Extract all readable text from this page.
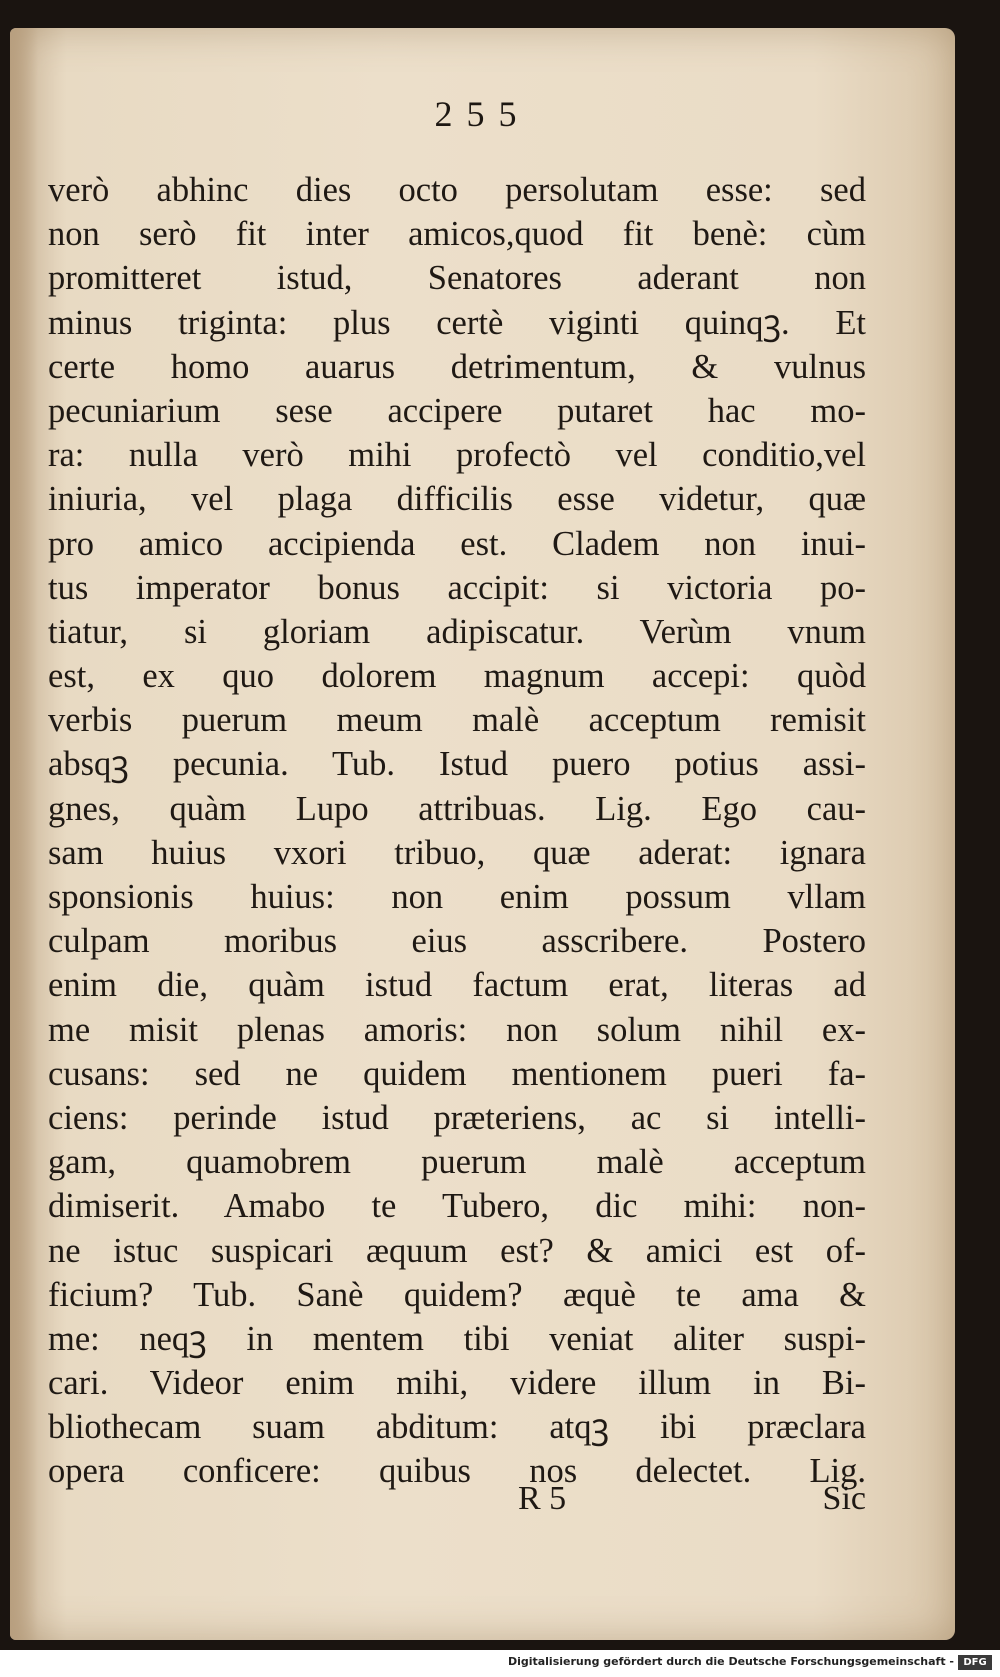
255
verò abhinc dies octo persolutam esse: sed
non serò fit inter amicos,quod fit benè: cùm
promitteret istud, Senatores aderant non
minus triginta: plus certè viginti quinqꝫ. Et
certe homo auarus detrimentum, & vulnus
pecuniarium sese accipere putaret hac mo-
ra: nulla verò mihi profectò vel conditio,vel
iniuria, vel plaga difficilis esse videtur, quæ
pro amico accipienda est. Cladem non inui-
tus imperator bonus accipit: si victoria po-
tiatur, si gloriam adipiscatur. Verùm vnum
est, ex quo dolorem magnum accepi: quòd
verbis puerum meum malè acceptum remisit
absqꝫ pecunia. Tub. Istud puero potius assi-
gnes, quàm Lupo attribuas. Lig. Ego cau-
sam huius vxori tribuo, quæ aderat: ignara
sponsionis huius: non enim possum vllam
culpam moribus eius asscribere. Postero
enim die, quàm istud factum erat, literas ad
me misit plenas amoris: non solum nihil ex-
cusans: sed ne quidem mentionem pueri fa-
ciens: perinde istud præteriens, ac si intelli-
gam, quamobrem puerum malè acceptum
dimiserit. Amabo te Tubero, dic mihi: non-
ne istuc suspicari æquum est? & amici est of-
ficium? Tub. Sanè quidem? æquè te ama &
me: neqꝫ in mentem tibi veniat aliter suspi-
cari. Videor enim mihi, videre illum in Bi-
bliothecam suam abditum: atqꝫ ibi præclara
opera conficere: quibus nos delectet. Lig.
R 5	Sic
Digitalisierung gefördert durch die Deutsche Forschungsgemeinschaft - DFG
